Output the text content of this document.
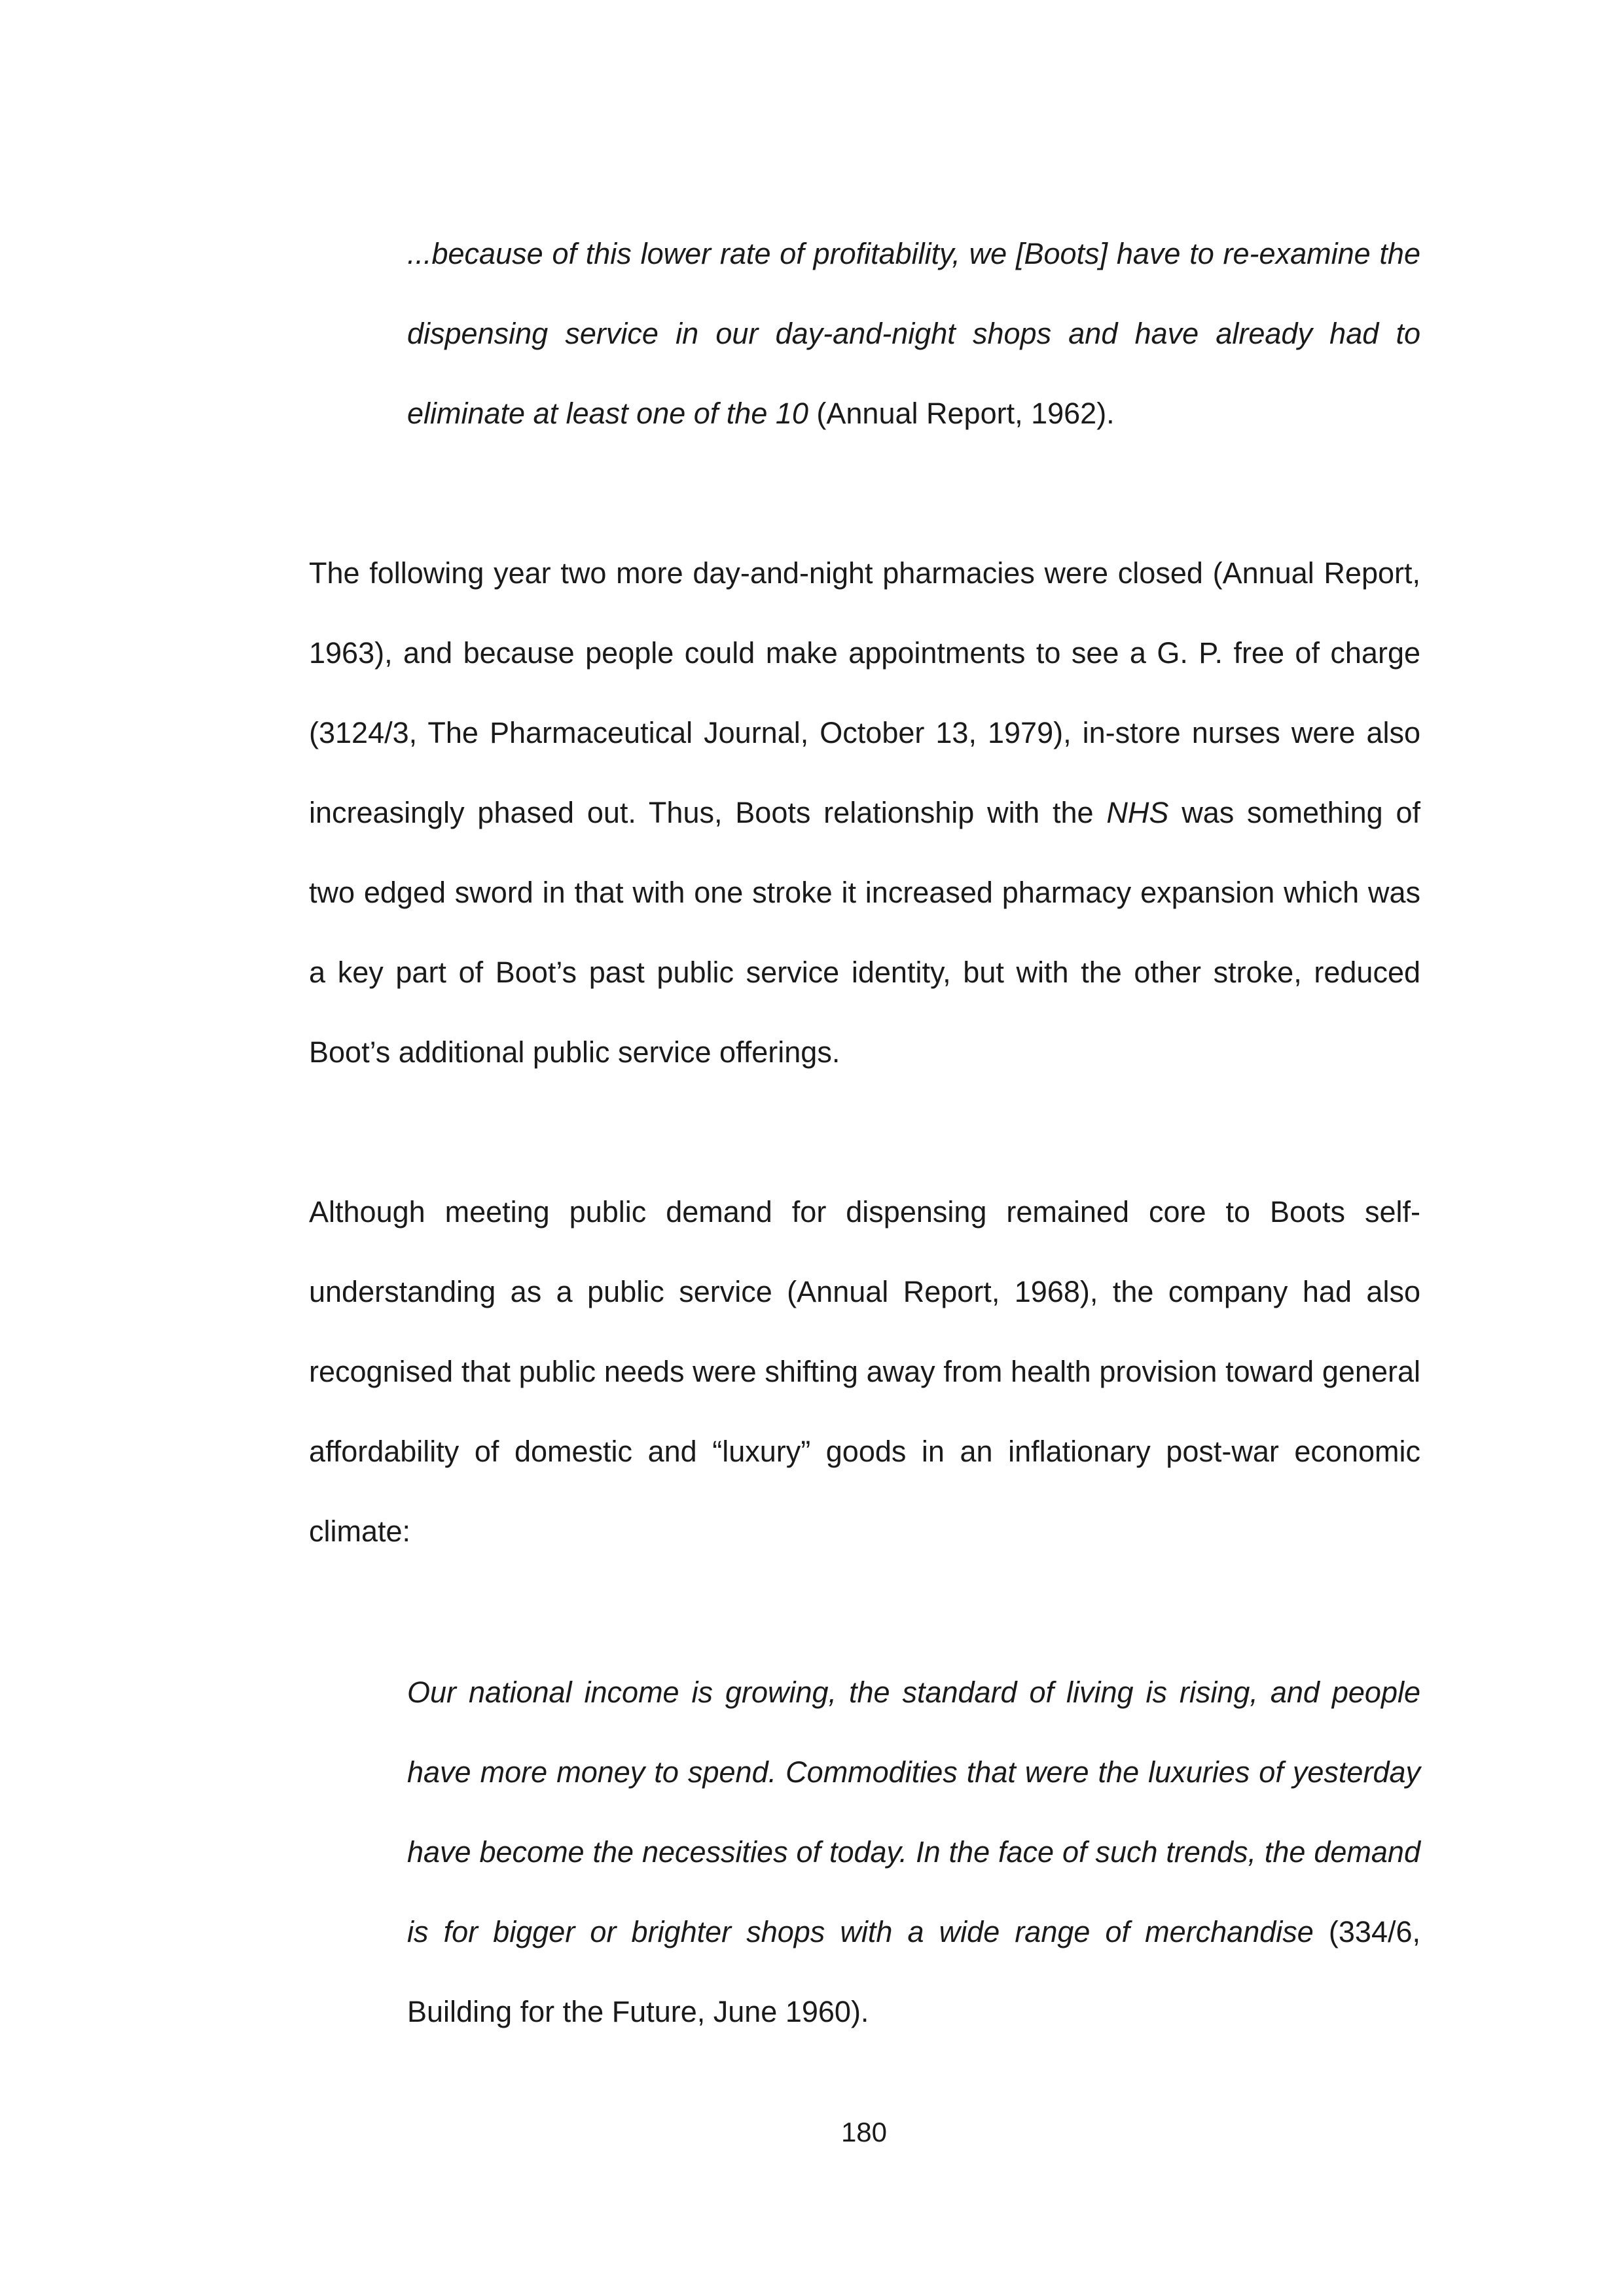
...because of this lower rate of profitability, we [Boots] have to re-examine the dispensing service in our day-and-night shops and have already had to eliminate at least one of the 10 (Annual Report, 1962).
The following year two more day-and-night pharmacies were closed (Annual Report, 1963), and because people could make appointments to see a G. P. free of charge (3124/3, The Pharmaceutical Journal, October 13, 1979), in-store nurses were also increasingly phased out. Thus, Boots relationship with the NHS was something of two edged sword in that with one stroke it increased pharmacy expansion which was a key part of Boot’s past public service identity, but with the other stroke, reduced Boot’s additional public service offerings.
Although meeting public demand for dispensing remained core to Boots self-understanding as a public service (Annual Report, 1968), the company had also recognised that public needs were shifting away from health provision toward general affordability of domestic and “luxury” goods in an inflationary post-war economic climate:
Our national income is growing, the standard of living is rising, and people have more money to spend. Commodities that were the luxuries of yesterday have become the necessities of today. In the face of such trends, the demand is for bigger or brighter shops with a wide range of merchandise (334/6, Building for the Future, June 1960).
180
